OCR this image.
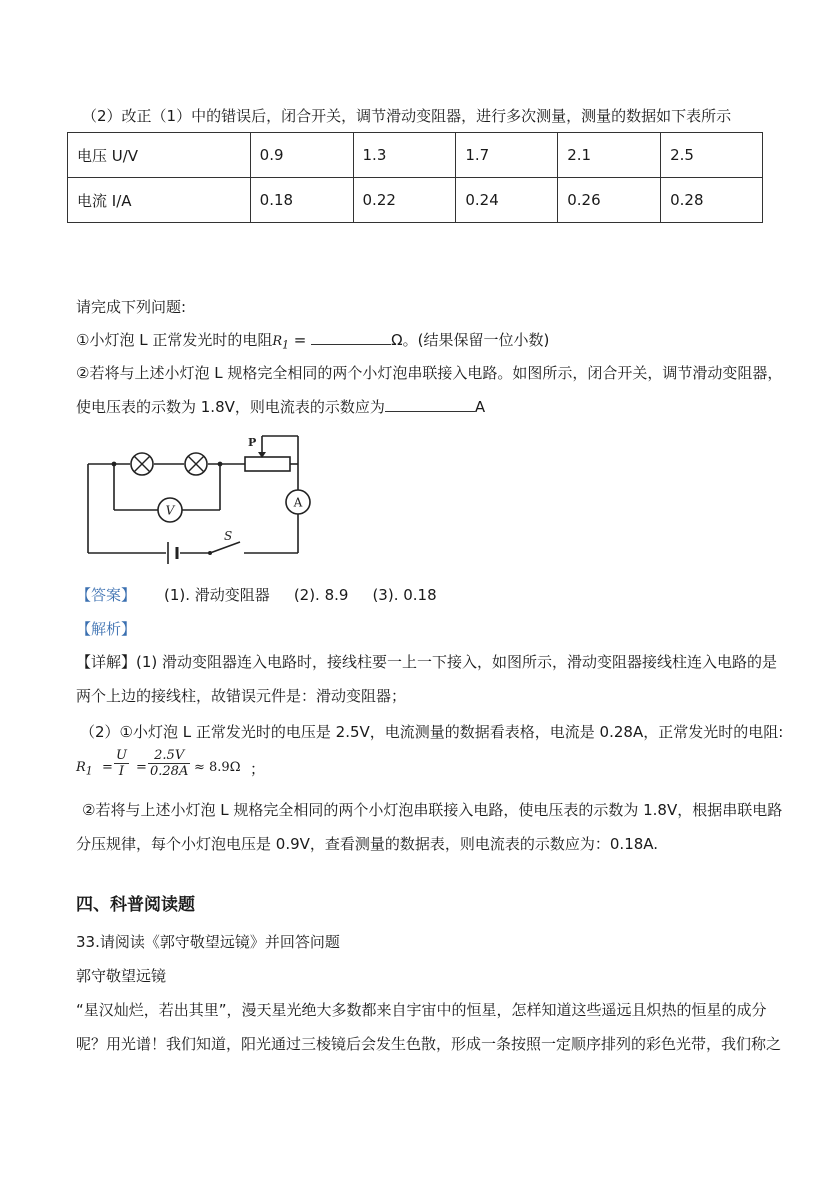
（2）改正（1）中的错误后，闭合开关，调节滑动变阻器，进行多次测量，测量的数据如下表所示
电压 U/V	0.9	1.3	1.7	2.1	2.5
电流 I/A	0.18	0.22	0.24	0.26	0.28
请完成下列问题:
①小灯泡 L 正常发光时的电阻$R_1$ =	Ω。(结果保留一位小数)
②若将与上述小灯泡 L 规格完全相同的两个小灯泡串联接入电路。如图所示，闭合开关，调节滑动变阻器，
使电压表的示数为 1.8V，则电流表的示数应为	A
P
V
A
S
【答案】 (1). 滑动变阻器 (2). 8.9 (3). 0.18
【解析】
【详解】(1) 滑动变阻器连入电路时，接线柱要一上一下接入，如图所示，滑动变阻器接线柱连入电路的是
两个上边的接线柱，故错误元件是：滑动变阻器；
（2）①小灯泡 L 正常发光时的电压是 2.5V，电流测量的数据看表格，电流是 0.28A，正常发光时的电阻:
$R_1 = \frac{U}{I} = \frac{2.5V}{0.28A} \approx 8.9\Omega$ ；
②若将与上述小灯泡 L 规格完全相同的两个小灯泡串联接入电路，使电压表的示数为 1.8V，根据串联电路
分压规律，每个小灯泡电压是 0.9V，查看测量的数据表，则电流表的示数应为：0.18A.
四、科普阅读题
33.请阅读《郭守敬望远镜》并回答问题
郭守敬望远镜
“星汉灿烂，若出其里”，漫天星光绝大多数都来自宇宙中的恒星，怎样知道这些遥远且炽热的恒星的成分
呢？用光谱！我们知道，阳光通过三棱镜后会发生色散，形成一条按照一定顺序排列的彩色光带，我们称之
